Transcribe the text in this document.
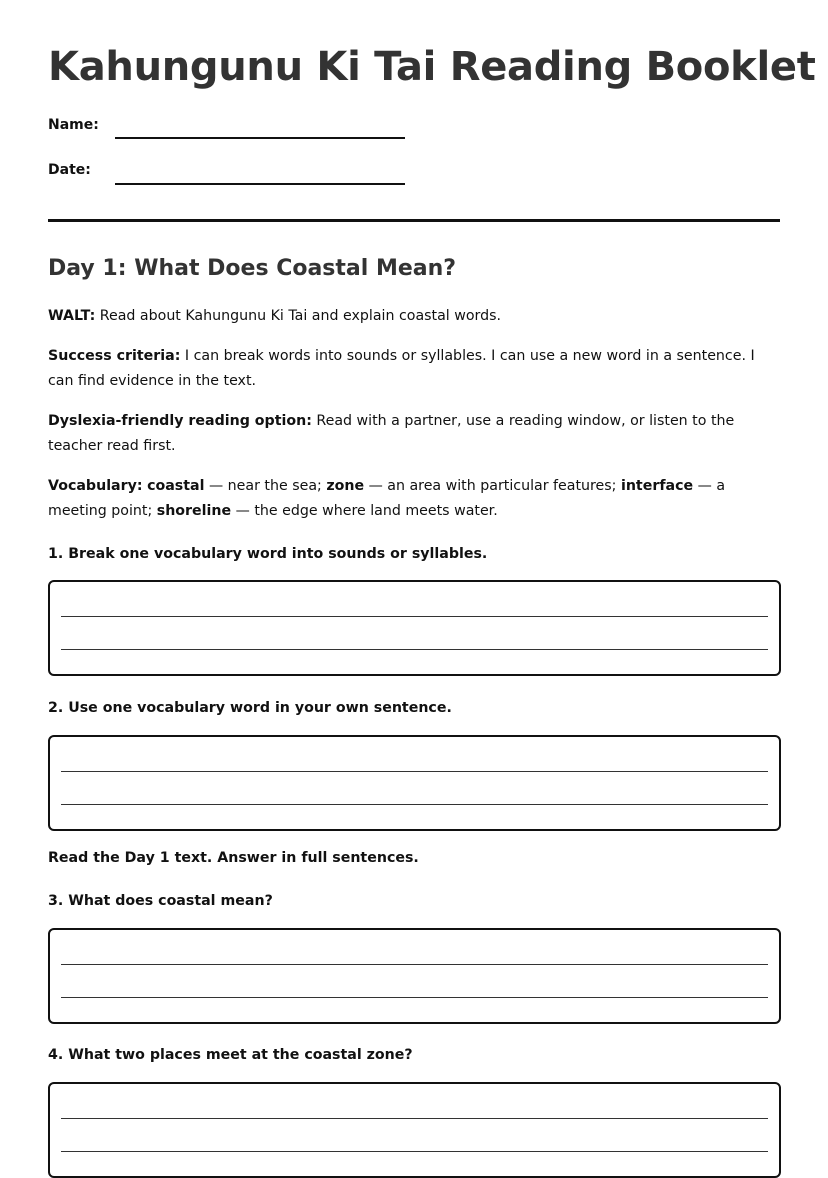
Kahungunu Ki Tai Reading Booklet
Name:
Date:
Day 1: What Does Coastal Mean?

WALT: Read about Kahungunu Ki Tai and explain coastal words.

Success criteria: I can break words into sounds or syllables. I can use a new word in a sentence. I can find evidence in the text.

Dyslexia-friendly reading option: Read with a partner, use a reading window, or listen to the teacher read first.

Vocabulary: coastal — near the sea; zone — an area with particular features; interface — a meeting point; shoreline — the edge where land meets water.

1. Break one vocabulary word into sounds or syllables.

2. Use one vocabulary word in your own sentence.

Read the Day 1 text. Answer in full sentences.

3. What does coastal mean?

4. What two places meet at the coastal zone?
